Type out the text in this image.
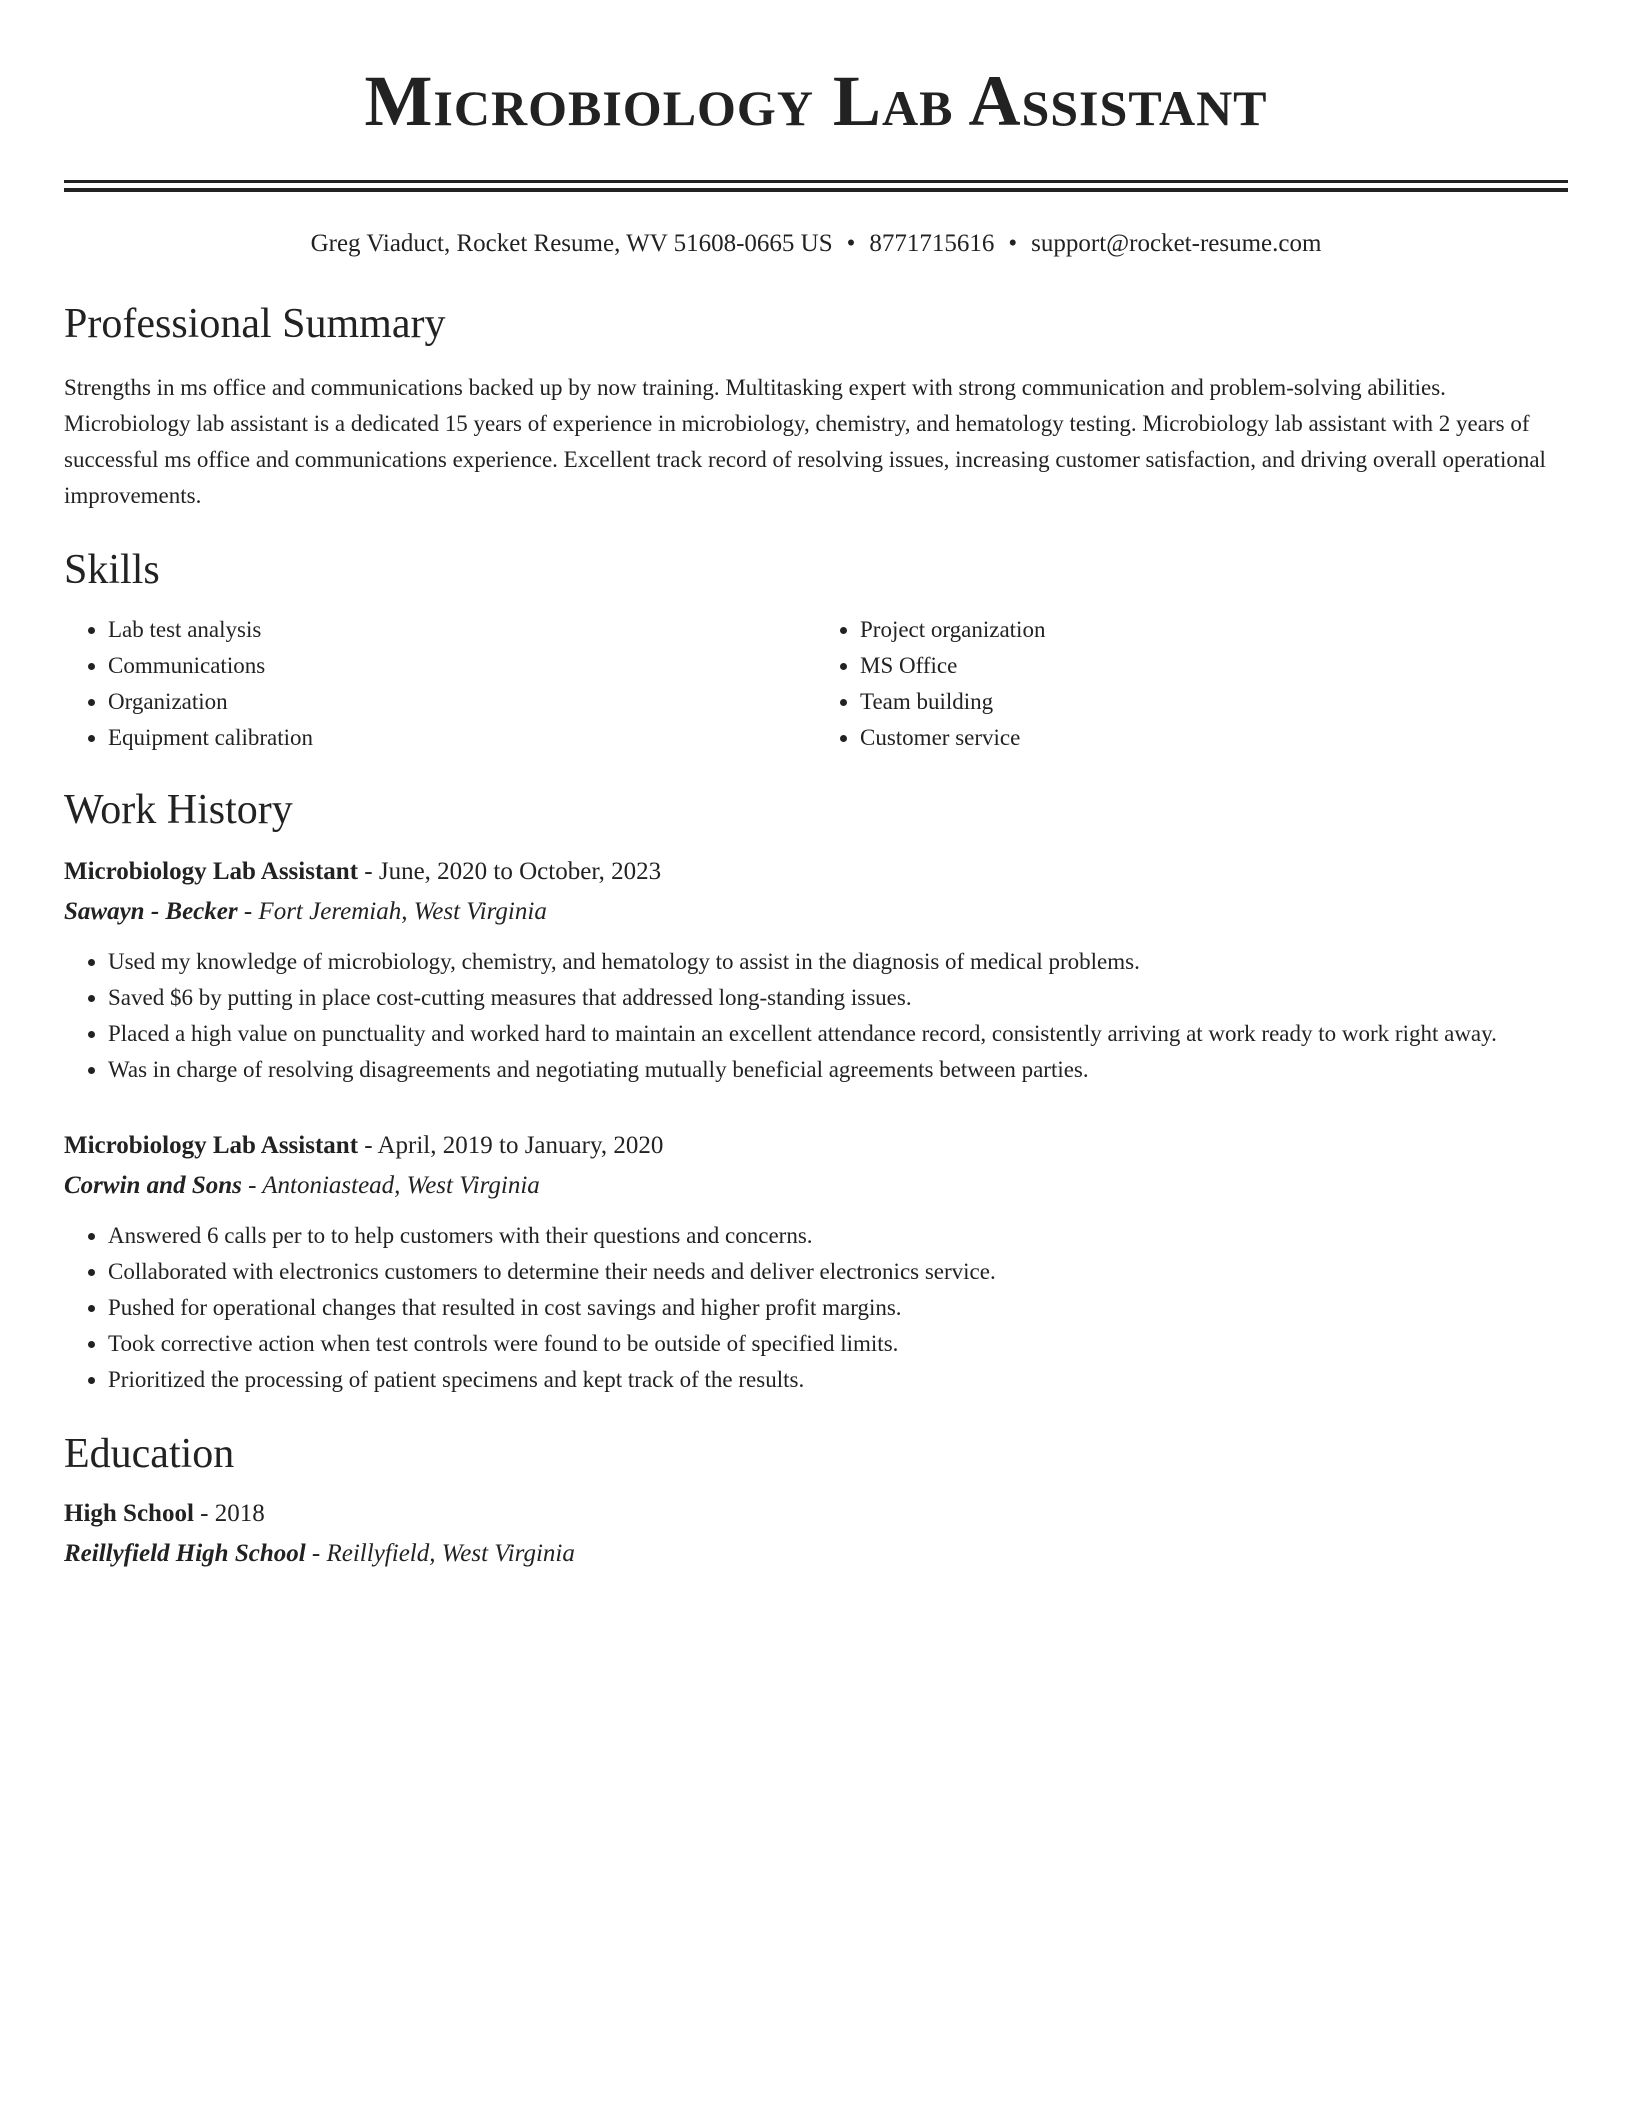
Microbiology Lab Assistant
Greg Viaduct, Rocket Resume, WV 51608-0665 US • 8771715616 • support@rocket-resume.com
Professional Summary

Strengths in ms office and communications backed up by now training. Multitasking expert with strong communication and problem-solving abilities. Microbiology lab assistant is a dedicated 15 years of experience in microbiology, chemistry, and hematology testing. Microbiology lab assistant with 2 years of successful ms office and communications experience. Excellent track record of resolving issues, increasing customer satisfaction, and driving overall operational improvements.

Skills
• Lab test analysis
• Communications
• Organization
• Equipment calibration
• Project organization
• MS Office
• Team building
• Customer service
Work History
Microbiology Lab Assistant - June, 2020 to October, 2023
Sawayn - Becker - Fort Jeremiah, West Virginia
• Used my knowledge of microbiology, chemistry, and hematology to assist in the diagnosis of medical problems.
• Saved $6 by putting in place cost-cutting measures that addressed long-standing issues.
• Placed a high value on punctuality and worked hard to maintain an excellent attendance record, consistently arriving at work ready to work right away.
• Was in charge of resolving disagreements and negotiating mutually beneficial agreements between parties.
Microbiology Lab Assistant - April, 2019 to January, 2020
Corwin and Sons - Antoniastead, West Virginia
• Answered 6 calls per to to help customers with their questions and concerns.
• Collaborated with electronics customers to determine their needs and deliver electronics service.
• Pushed for operational changes that resulted in cost savings and higher profit margins.
• Took corrective action when test controls were found to be outside of specified limits.
• Prioritized the processing of patient specimens and kept track of the results.
Education
High School - 2018
Reillyfield High School - Reillyfield, West Virginia
